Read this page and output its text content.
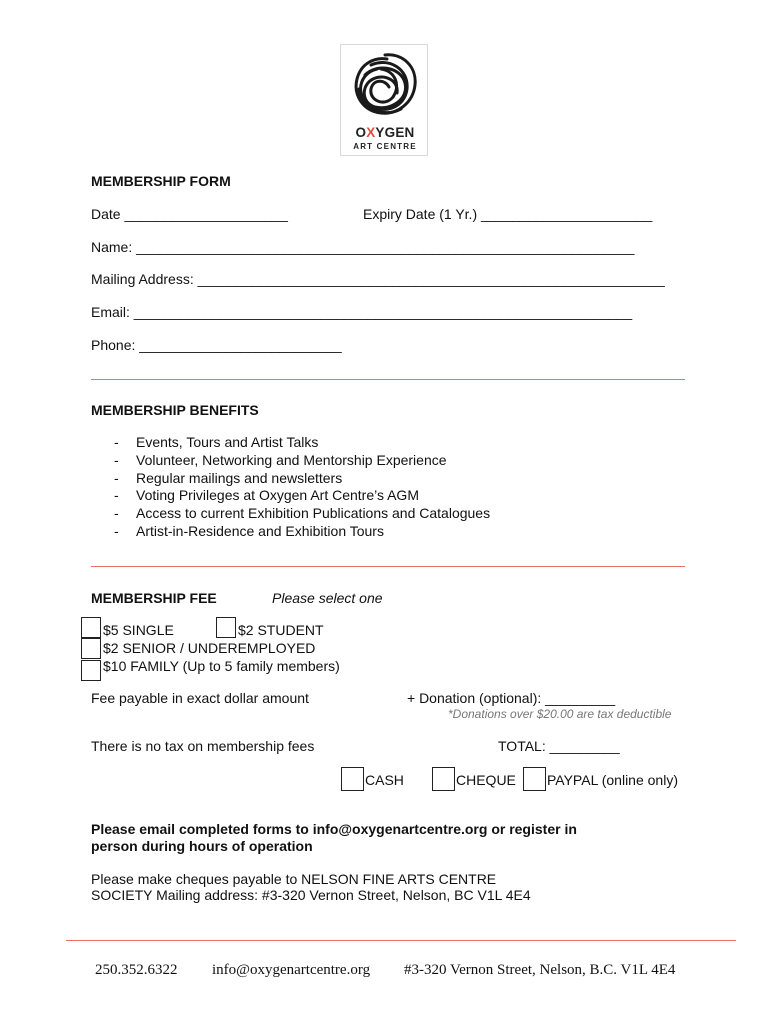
OXYGEN
ART CENTRE
MEMBERSHIP FORM
Date _____________________	Expiry Date (1 Yr.) ______________________
Name: ________________________________________________________________
Mailing Address: ____________________________________________________________
Email: ________________________________________________________________
Phone: __________________________
MEMBERSHIP BENEFITS
- Events, Tours and Artist Talks
- Volunteer, Networking and Mentorship Experience
- Regular mailings and newsletters
- Voting Privileges at Oxygen Art Centre’s AGM
- Access to current Exhibition Publications and Catalogues
- Artist-in-Residence and Exhibition Tours
MEMBERSHIP FEE	Please select one
$5 SINGLE	$2 STUDENT
$2 SENIOR / UNDEREMPLOYED
$10 FAMILY (Up to 5 family members)
Fee payable in exact dollar amount	+ Donation (optional): _________
*Donations over $20.00 are tax deductible
There is no tax on membership fees	TOTAL: _________
CASH	CHEQUE PAYPAL (online only)
Please email completed forms to info@oxygenartcentre.org or register in
person during hours of operation
Please make cheques payable to NELSON FINE ARTS CENTRE
SOCIETY Mailing address: #3-320 Vernon Street, Nelson, BC V1L 4E4
250.352.6322 info@oxygenartcentre.org #3-320 Vernon Street, Nelson, B.C. V1L 4E4
